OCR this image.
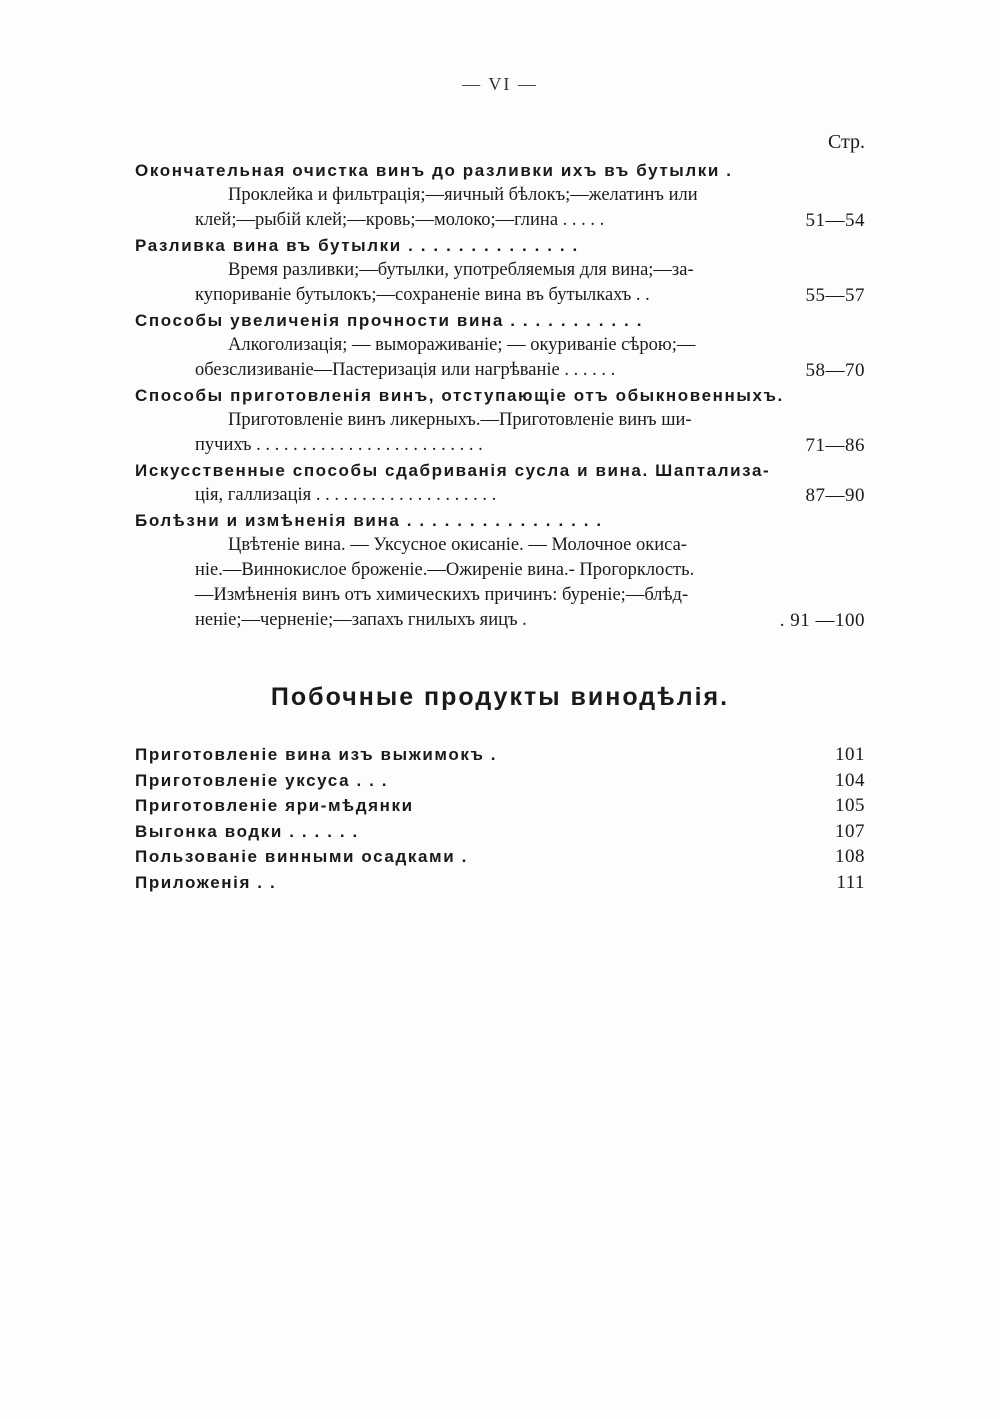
— VI —
Стр.
Окончательная очистка винъ до разливки ихъ въ бутылки .
Проклейка и фильтрація;—яичный бѣлокъ;—желатинъ или
клей;—рыбій клей;—кровь;—молоко;—глина . . . . .	51—54
Разливка вина въ бутылки . . . . . . . . . . . . . .
Время разливки;—бутылки, употребляемыя для вина;—за-
купориваніе бутылокъ;—сохраненіе вина въ бутылкахъ . .	55—57
Способы увеличенія прочности вина . . . . . . . . . . .
Алкоголизація; — вымораживаніе; — окуриваніе сѣрою;—
обезслизиваніе—Пастеризація или нагрѣваніе . . . . . .	58—70
Способы приготовленія винъ, отступающіе отъ обыкновенныхъ.
Приготовленіе винъ ликерныхъ.—Приготовленіе винъ ши-
пучихъ . . . . . . . . . . . . . . . . . . . . . . . . .	71—86
Искусственные способы сдабриванія сусла и вина. Шаптализа-
ція, галлизація . . . . . . . . . . . . . . . . . . . .	87—90
Болѣзни и измѣненія вина . . . . . . . . . . . . . . . .
Цвѣтеніе вина. — Уксусное окисаніе. — Молочное окиса-
ніе.—Виннокислое броженіе.—Ожиреніе вина.- Прогорклость.
—Измѣненія винъ отъ химическихъ причинъ: буреніе;—блѣд-
неніе;—черненіе;—запахъ гнилыхъ яицъ .	. 91 —100
Побочные продукты винодѣлія.
Приготовленіе вина изъ выжимокъ .	101
Приготовленіе уксуса . . .	104
Приготовленіе яри-мѣдянки	105
Выгонка водки . . . . . .	107
Пользованіе винными осадками .	108
Приложенія . .	111
